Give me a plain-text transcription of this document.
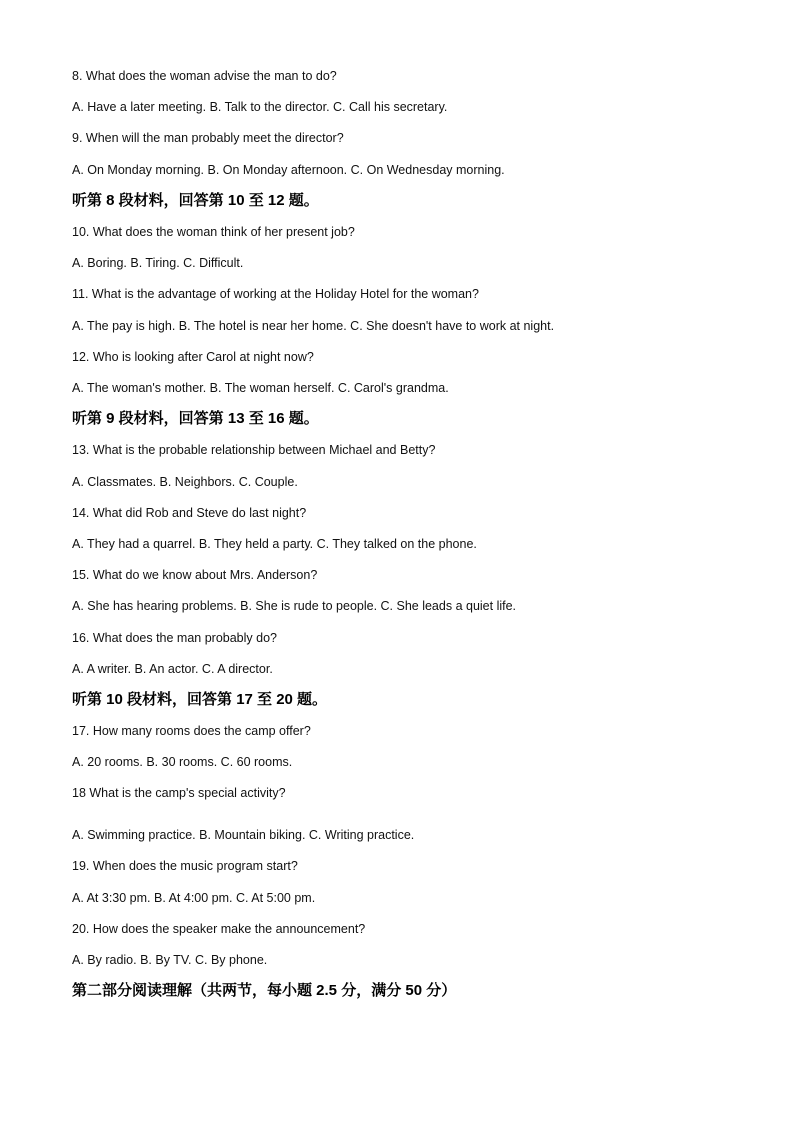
8. What does the woman advise the man to do?
A. Have a later meeting. B. Talk to the director. C. Call his secretary.
9. When will the man probably meet the director?
A. On Monday morning. B. On Monday afternoon. C. On Wednesday morning.
听第 8 段材料，回答第 10 至 12 题。
10. What does the woman think of her present job?
A. Boring. B. Tiring. C. Difficult.
11. What is the advantage of working at the Holiday Hotel for the woman?
A. The pay is high. B. The hotel is near her home. C. She doesn't have to work at night.
12. Who is looking after Carol at night now?
A. The woman's mother. B. The woman herself. C. Carol's grandma.
听第 9 段材料，回答第 13 至 16 题。
13. What is the probable relationship between Michael and Betty?
A. Classmates. B. Neighbors. C. Couple.
14. What did Rob and Steve do last night?
A. They had a quarrel. B. They held a party. C. They talked on the phone.
15. What do we know about Mrs. Anderson?
A. She has hearing problems. B. She is rude to people. C. She leads a quiet life.
16. What does the man probably do?
A. A writer. B. An actor. C. A director.
听第 10 段材料，回答第 17 至 20 题。
17. How many rooms does the camp offer?
A. 20 rooms. B. 30 rooms. C. 60 rooms.
18 What is the camp's special activity?
A. Swimming practice. B. Mountain biking. C. Writing practice.
19. When does the music program start?
A. At 3:30 pm. B. At 4:00 pm. C. At 5:00 pm.
20. How does the speaker make the announcement?
A. By radio. B. By TV. C. By phone.
第二部分阅读理解（共两节，每小题 2.5 分，满分 50 分）
